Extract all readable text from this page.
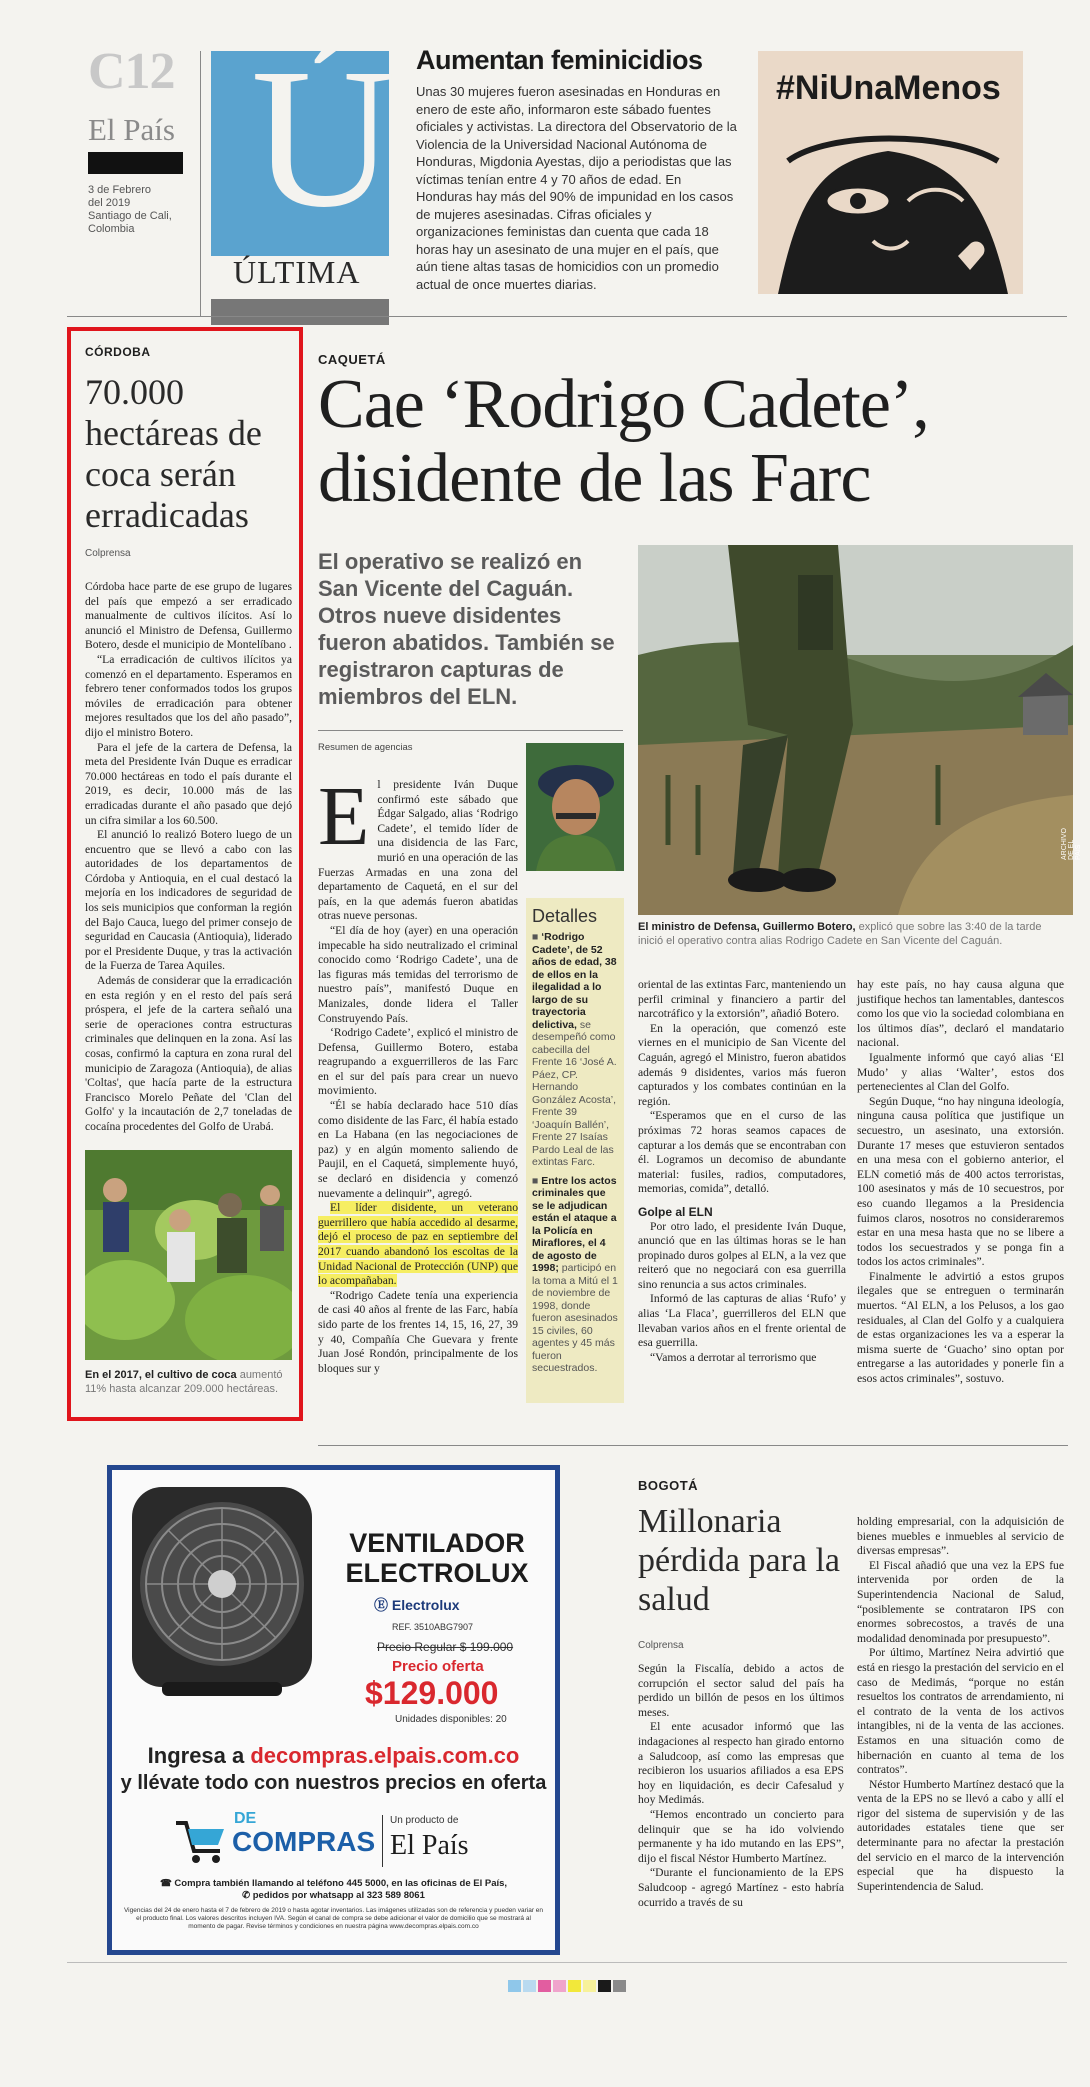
C12
El País
3 de Febrero
del 2019
Santiago de Cali,
Colombia Ú
ÚLTIMA
Aumentan feminicidios
Unas 30 mujeres fueron asesinadas en Honduras en enero de este año, informaron este sábado fuentes oficiales y activistas. La directora del Observatorio de la Violencia de la Universidad Nacional Autónoma de Honduras, Migdonia Ayestas, dijo a periodistas que las víctimas tenían entre 4 y 70 años de edad. En Honduras hay más del 90% de impunidad en los casos de mujeres asesinadas. Cifras oficiales y organizaciones feministas dan cuenta que cada 18 horas hay un asesinato de una mujer en el país, que aún tiene altas tasas de homicidios con un promedio actual de once muertes diarias.
#NiUnaMenos
CÓRDOBA
70.000 hectáreas de coca serán erradicadas
Colprensa

Córdoba hace parte de ese grupo de lugares del país que empezó a ser erradicado manualmente de cultivos ilícitos. Así lo anunció el Ministro de Defensa, Guillermo Botero, desde el municipio de Montelíbano .

“La erradicación de cultivos ilícitos ya comenzó en el departamento. Esperamos en febrero tener conformados todos los grupos móviles de erradicación para obtener mejores resultados que los del año pasado”, dijo el ministro Botero.

Para el jefe de la cartera de Defensa, la meta del Presidente Iván Duque es erradicar 70.000 hectáreas en todo el país durante el 2019, es decir, 10.000 más de las erradicadas durante el año pasado que dejó un cifra similar a los 60.500.

El anunció lo realizó Botero luego de un encuentro que se llevó a cabo con las autoridades de los departamentos de Córdoba y Antioquia, en el cual destacó la mejoría en los indicadores de seguridad de los seis municipios que conforman la región del Bajo Cauca, luego del primer consejo de seguridad en Caucasia (Antioquia), liderado por el Presidente Duque, y tras la activación de la Fuerza de Tarea Aquiles.

Además de considerar que la erradicación en esta región y en el resto del país será próspera, el jefe de la cartera señaló una serie de operaciones contra estructuras criminales que delinquen en la zona. Así las cosas, confirmó la captura en zona rural del municipio de Zaragoza (Antioquia), de alias 'Coltas', que hacía parte de la estructura Francisco Morelo Peñate del 'Clan del Golfo' y la incautación de 2,7 toneladas de cocaína procedentes del Golfo de Urabá.

En el 2017, el cultivo de coca aumentó 11% hasta alcanzar 209.000 hectáreas.
CAQUETÁ
Cae ‘Rodrigo Cadete’, disidente de las Farc
El operativo se realizó en San Vicente del Caguán. Otros nueve disidentes fueron abatidos. También se registraron capturas de miembros del ELN.
Resumen de agencias
ARCHIVO DE EL PAÍS
El ministro de Defensa, Guillermo Botero, explicó que sobre las 3:40 de la tarde inició el operativo contra alias Rodrigo Cadete en San Vicente del Caguán.

El presidente Iván Duque confirmó este sábado que Édgar Salgado, alias ‘Rodrigo Cadete’, el temido líder de una disidencia de las Farc, murió en una operación de las Fuerzas Armadas en una zona del departamento de Caquetá, en el sur del país, en la que además fueron abatidas otras nueve personas.

“El día de hoy (ayer) en una operación impecable ha sido neutralizado el criminal conocido como ‘Rodrigo Cadete’, una de las figuras más temidas del terrorismo de nuestro país”, manifestó Duque en Manizales, donde lidera el Taller Construyendo País.

‘Rodrigo Cadete’, explicó el ministro de Defensa, Guillermo Botero, estaba reagrupando a exguerrilleros de las Farc en el sur del país para crear un nuevo movimiento.

“Él se había declarado hace 510 días como disidente de las Farc, él había estado en La Habana (en las negociaciones de paz) y en algún momento saliendo de Paujil, en el Caquetá, simplemente huyó, se declaró en disidencia y comenzó nuevamente a delinquir”, agregó.

El líder disidente, un veterano guerrillero que había accedido al desarme, dejó el proceso de paz en septiembre del 2017 cuando abandonó los escoltas de la Unidad Nacional de Protección (UNP) que lo acompañaban.

“Rodrigo Cadete tenía una experiencia de casi 40 años al frente de las Farc, había sido parte de los frentes 14, 15, 16, 27, 39 y 40, Compañía Che Guevara y frente Juan José Rondón, principalmente de los bloques sur y

Detalles

■ ‘Rodrigo Cadete’, de 52 años de edad, 38 de ellos en la ilegalidad a lo largo de su trayectoria delictiva, se desempeñó como cabecilla del Frente 16 ‘José A. Páez, CP. Hernando González Acosta’, Frente 39 ‘Joaquín Ballén’, Frente 27 Isaías Pardo Leal de las extintas Farc.

■ Entre los actos criminales que se le adjudican están el ataque a la Policía en Miraflores, el 4 de agosto de 1998; participó en la toma a Mitú el 1 de noviembre de 1998, donde fueron asesinados 15 civiles, 60 agentes y 45 más fueron secuestrados.

oriental de las extintas Farc, manteniendo un perfil criminal y financiero a partir del narcotráfico y la extorsión”, añadió Botero.

En la operación, que comenzó este viernes en el municipio de San Vicente del Caguán, agregó el Ministro, fueron abatidos además 9 disidentes, varios más fueron capturados y los combates continúan en la región.

“Esperamos que en el curso de las próximas 72 horas seamos capaces de capturar a los demás que se encontraban con él. Logramos un decomiso de abundante material: fusiles, radios, computadores, memorias, comida”, detalló.

Golpe al ELN

Por otro lado, el presidente Iván Duque, anunció que en las últimas horas se le han propinado duros golpes al ELN, a la vez que reiteró que no negociará con esa guerrilla sino renuncia a sus actos criminales.

Informó de las capturas de alias ‘Rufo’ y alias ‘La Flaca’, guerrilleros del ELN que llevaban varios años en el frente oriental de esa guerrilla.

“Vamos a derrotar al terrorismo que

hay este país, no hay causa alguna que justifique hechos tan lamentables, dantescos como los que vio la sociedad colombiana en los últimos días”, declaró el mandatario nacional.

Igualmente informó que cayó alias ‘El Mudo’ y alias ‘Walter’, estos dos pertenecientes al Clan del Golfo.

Según Duque, “no hay ninguna ideología, ninguna causa política que justifique un secuestro, un asesinato, una extorsión. Durante 17 meses que estuvieron sentados en una mesa con el gobierno anterior, el ELN cometió más de 400 actos terroristas, 100 asesinatos y más de 10 secuestros, por eso cuando llegamos a la Presidencia fuimos claros, nosotros no consideraremos estar en una mesa hasta que no se libere a todos los secuestrados y se ponga fin a todos los actos criminales”.

Finalmente le advirtió a estos grupos ilegales que se entreguen o terminarán muertos. “Al ELN, a los Pelusos, a los gao residuales, al Clan del Golfo y a cualquiera de estas organizaciones les va a esperar la misma suerte de ‘Guacho’ sino optan por entregarse a las autoridades y ponerle fin a esos actos criminales”, sostuvo.

VENTILADOR
ELECTROLUX
Ⓔ Electrolux
REF. 3510ABG7907
Precio Regular $ 199.000
Precio oferta
$129.000
Unidades disponibles: 20
Ingresa a decompras.elpais.com.co
y llévate todo con nuestros precios en oferta
DE
COMPRAS
Un producto de
El País
☎ Compra también llamando al teléfono 445 5000, en las oficinas de El País,
✆ pedidos por whatsapp al 323 589 8061
Vigencias del 24 de enero hasta el 7 de febrero de 2019 o hasta agotar inventarios. Las imágenes utilizadas son de referencia y pueden variar en el producto final. Los valores descritos incluyen IVA. Según el canal de compra se debe adicionar el valor de domicilio que se mostrará al momento de pagar. Revise términos y condiciones en nuestra página www.decompras.elpais.com.co
BOGOTÁ
Millonaria pérdida para la salud
Colprensa

Según la Fiscalía, debido a actos de corrupción el sector salud del país ha perdido un billón de pesos en los últimos meses.

El ente acusador informó que las indagaciones al respecto han girado entorno a Saludcoop, así como las empresas que recibieron los usuarios afiliados a esa EPS hoy en liquidación, es decir Cafesalud y hoy Medimás.

“Hemos encontrado un concierto para delinquir que se ha ido volviendo permanente y ha ido mutando en las EPS”, dijo el fiscal Néstor Humberto Martínez.

“Durante el funcionamiento de la EPS Saludcoop - agregó Martínez - esto habría ocurrido a través de su

holding empresarial, con la adquisición de bienes muebles e inmuebles al servicio de diversas empresas”.

El Fiscal añadió que una vez la EPS fue intervenida por orden de la Superintendencia Nacional de Salud, “posiblemente se contrataron IPS con enormes sobrecostos, a través de una modalidad denominada por presupuesto”.

Por último, Martínez Neira advirtió que está en riesgo la prestación del servicio en el caso de Medimás, “porque no están resueltos los contratos de arrendamiento, ni el contrato de la venta de los activos intangibles, ni de la venta de las acciones. Estamos en una situación como de hibernación en cuanto al tema de los contratos”.

Néstor Humberto Martínez destacó que la venta de la EPS no se llevó a cabo y allí el rigor del sistema de supervisión y de las autoridades estatales tiene que ser determinante para no afectar la prestación del servicio en el marco de la intervención especial que ha dispuesto la Superintendencia de Salud.
